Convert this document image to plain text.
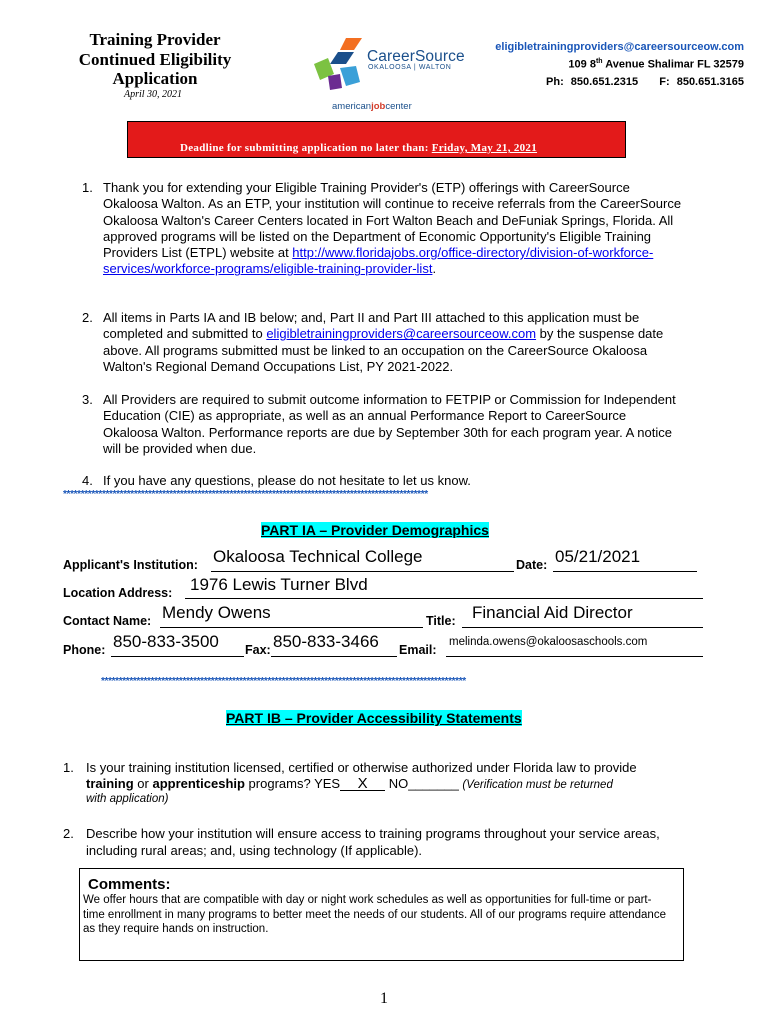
Training Provider
Continued Eligibility
Application
April 30, 2021
CareerSource
OKALOOSA | WALTON
americanjobcenter
eligibletrainingproviders@careersourceow.com
109 8th Avenue Shalimar FL 32579
Ph: 850.651.2315 F: 850.651.3165
Deadline for submitting application no later than: Friday, May 21, 2021
1. Thank you for extending your Eligible Training Provider's (ETP) offerings with CareerSource Okaloosa Walton. As an ETP, your institution will continue to receive referrals from the CareerSource Okaloosa Walton's Career Centers located in Fort Walton Beach and DeFuniak Springs, Florida. All approved programs will be listed on the Department of Economic Opportunity's Eligible Training Providers List (ETPL) website at http://www.floridajobs.org/office-directory/division-of-workforce-services/workforce-programs/eligible-training-provider-list.
2. All items in Parts IA and IB below; and, Part II and Part III attached to this application must be completed and submitted to eligibletrainingproviders@careersourceow.com by the suspense date above. All programs submitted must be linked to an occupation on the CareerSource Okaloosa Walton's Regional Demand Occupations List, PY 2021-2022.
3. All Providers are required to submit outcome information to FETPIP or Commission for Independent Education (CIE) as appropriate, as well as an annual Performance Report to CareerSource Okaloosa Walton. Performance reports are due by September 30th for each program year. A notice will be provided when due.
4. If you have any questions, please do not hesitate to let us know.
*******************************************************************************************************
PART IA – Provider Demographics
Applicant's Institution: Okaloosa Technical College	Date: 05/21/2021
Location Address: 1976 Lewis Turner Blvd
Contact Name: Mendy Owens	Title: Financial Aid Director
Phone: 850-833-3500 Fax: 850-833-3466 Email:
melinda.owens@okaloosaschools.com
*******************************************************************************************************
PART IB – Provider Accessibility Statements
1. Is your training institution licensed, certified or otherwise authorized under Florida law to provide
training or apprenticeship programs? YES X NO_______ (Verification must be returned
with application)
2. Describe how your institution will ensure access to training programs throughout your service areas, including rural areas; and, using technology (If applicable).
Comments:
We offer hours that are compatible with day or night work schedules as well as opportunities for full-time or part-time enrollment in many programs to better meet the needs of our students. All of our programs require attendance as they require hands on instruction.
1
